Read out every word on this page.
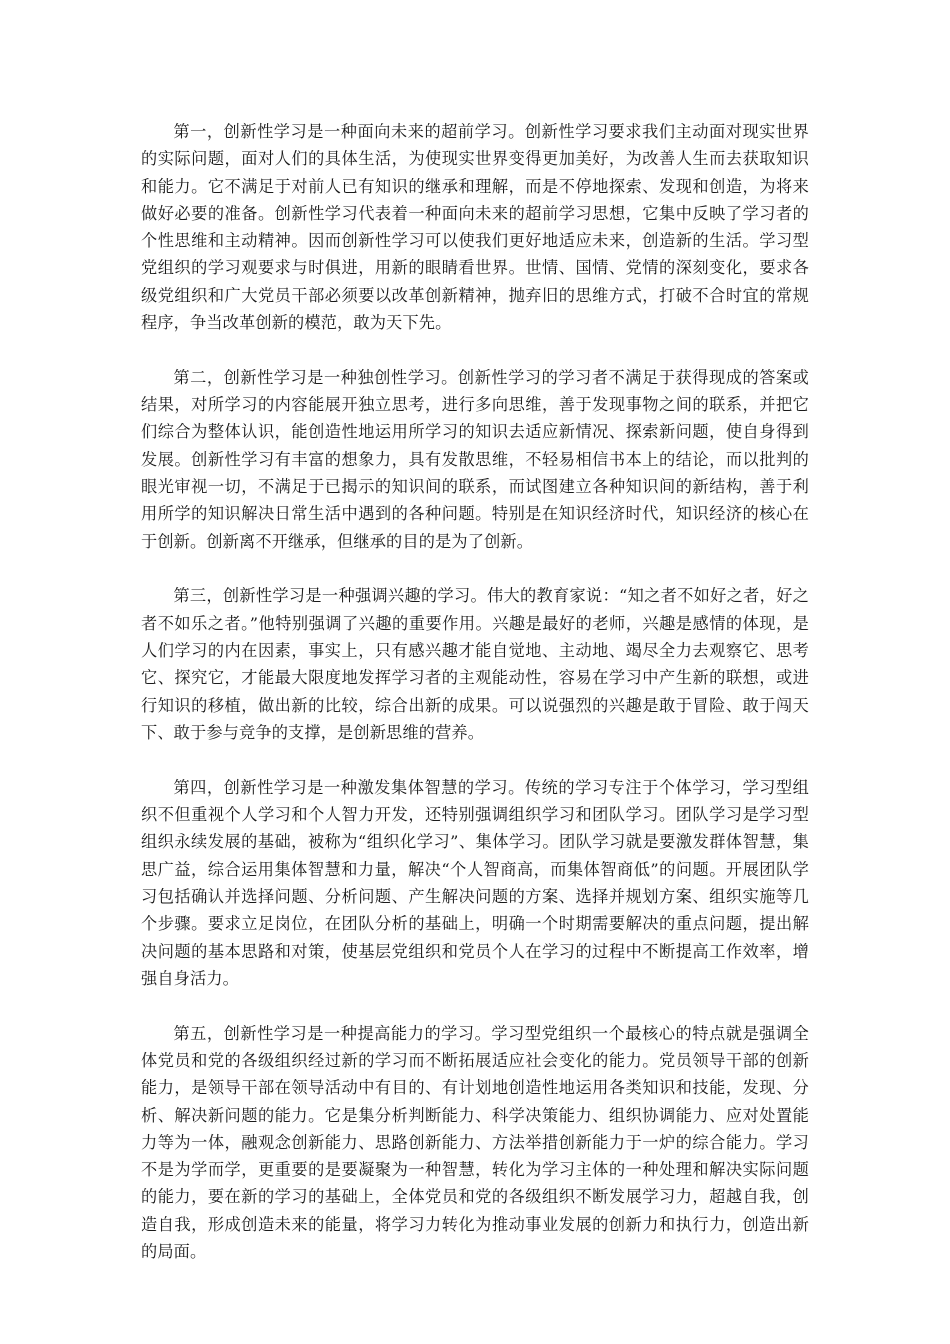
第一，创新性学习是一种面向未来的超前学习。创新性学习要求我们主动面对现实世界的实际问题，面对人们的具体生活，为使现实世界变得更加美好，为改善人生而去获取知识和能力。它不满足于对前人已有知识的继承和理解，而是不停地探索、发现和创造，为将来做好必要的准备。创新性学习代表着一种面向未来的超前学习思想，它集中反映了学习者的个性思维和主动精神。因而创新性学习可以使我们更好地适应未来，创造新的生活。学习型党组织的学习观要求与时俱进，用新的眼睛看世界。世情、国情、党情的深刻变化，要求各级党组织和广大党员干部必须要以改革创新精神，抛弃旧的思维方式，打破不合时宜的常规程序，争当改革创新的模范，敢为天下先。

第二，创新性学习是一种独创性学习。创新性学习的学习者不满足于获得现成的答案或结果，对所学习的内容能展开独立思考，进行多向思维，善于发现事物之间的联系，并把它们综合为整体认识，能创造性地运用所学习的知识去适应新情况、探索新问题，使自身得到发展。创新性学习有丰富的想象力，具有发散思维，不轻易相信书本上的结论，而以批判的眼光审视一切，不满足于已揭示的知识间的联系，而试图建立各种知识间的新结构，善于利用所学的知识解决日常生活中遇到的各种问题。特别是在知识经济时代，知识经济的核心在于创新。创新离不开继承，但继承的目的是为了创新。

第三，创新性学习是一种强调兴趣的学习。伟大的教育家说：“知之者不如好之者，好之者不如乐之者。”他特别强调了兴趣的重要作用。兴趣是最好的老师，兴趣是感情的体现，是人们学习的内在因素，事实上，只有感兴趣才能自觉地、主动地、竭尽全力去观察它、思考它、探究它，才能最大限度地发挥学习者的主观能动性，容易在学习中产生新的联想，或进行知识的移植，做出新的比较，综合出新的成果。可以说强烈的兴趣是敢于冒险、敢于闯天下、敢于参与竞争的支撑，是创新思维的营养。

第四，创新性学习是一种激发集体智慧的学习。传统的学习专注于个体学习，学习型组织不但重视个人学习和个人智力开发，还特别强调组织学习和团队学习。团队学习是学习型组织永续发展的基础，被称为“组织化学习”、集体学习。团队学习就是要激发群体智慧，集思广益，综合运用集体智慧和力量，解决“个人智商高，而集体智商低”的问题。开展团队学习包括确认并选择问题、分析问题、产生解决问题的方案、选择并规划方案、组织实施等几个步骤。要求立足岗位，在团队分析的基础上，明确一个时期需要解决的重点问题，提出解决问题的基本思路和对策，使基层党组织和党员个人在学习的过程中不断提高工作效率，增强自身活力。

第五，创新性学习是一种提高能力的学习。学习型党组织一个最核心的特点就是强调全体党员和党的各级组织经过新的学习而不断拓展适应社会变化的能力。党员领导干部的创新能力，是领导干部在领导活动中有目的、有计划地创造性地运用各类知识和技能，发现、分析、解决新问题的能力。它是集分析判断能力、科学决策能力、组织协调能力、应对处置能力等为一体，融观念创新能力、思路创新能力、方法举措创新能力于一炉的综合能力。学习不是为学而学，更重要的是要凝聚为一种智慧，转化为学习主体的一种处理和解决实际问题的能力，要在新的学习的基础上，全体党员和党的各级组织不断发展学习力，超越自我，创造自我，形成创造未来的能量，将学习力转化为推动事业发展的创新力和执行力，创造出新的局面。
